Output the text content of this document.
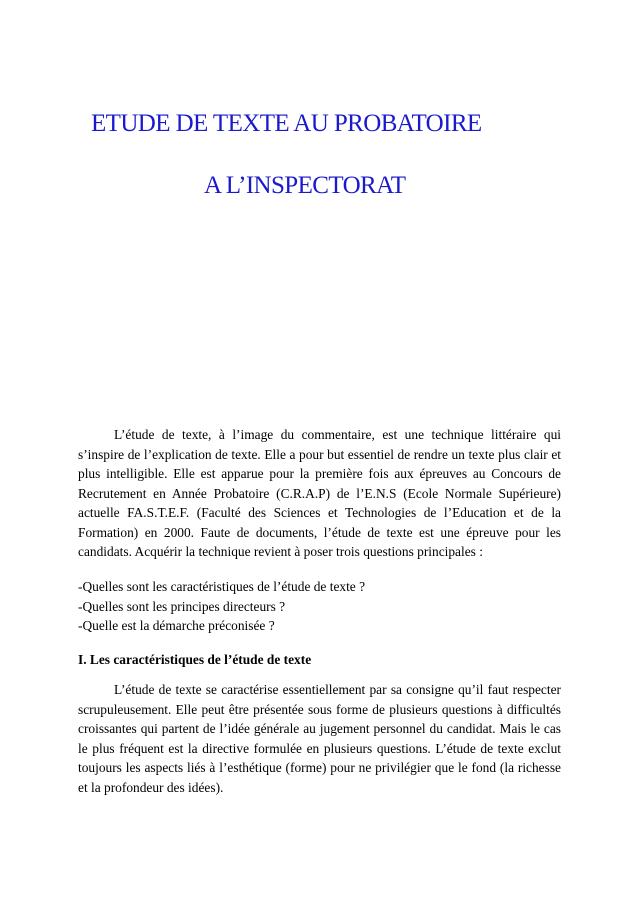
ETUDE DE TEXTE AU PROBATOIRE
A L’INSPECTORAT

L’étude de texte, à l’image du commentaire, est une technique littéraire qui s’inspire de l’explication de texte. Elle a pour but essentiel de rendre un texte plus clair et plus intelligible. Elle est apparue pour la première fois aux épreuves au Concours de Recrutement en Année Probatoire (C.R.A.P) de l’E.N.S (Ecole Normale Supérieure) actuelle FA.S.T.E.F. (Faculté des Sciences et Technologies de l’Education et de la Formation) en 2000. Faute de documents, l’étude de texte est une épreuve pour les candidats. Acquérir la technique revient à poser trois questions principales :

-Quelles sont les caractéristiques de l’étude de texte ?
-Quelles sont les principes directeurs ?
-Quelle est la démarche préconisée ?
I. Les caractéristiques de l’étude de texte

L’étude de texte se caractérise essentiellement par sa consigne qu’il faut respecter scrupuleusement. Elle peut être présentée sous forme de plusieurs questions à difficultés croissantes qui partent de l’idée générale au jugement personnel du candidat. Mais le cas le plus fréquent est la directive formulée en plusieurs questions. L’étude de texte exclut toujours les aspects liés à l’esthétique (forme) pour ne privilégier que le fond (la richesse et la profondeur des idées).
